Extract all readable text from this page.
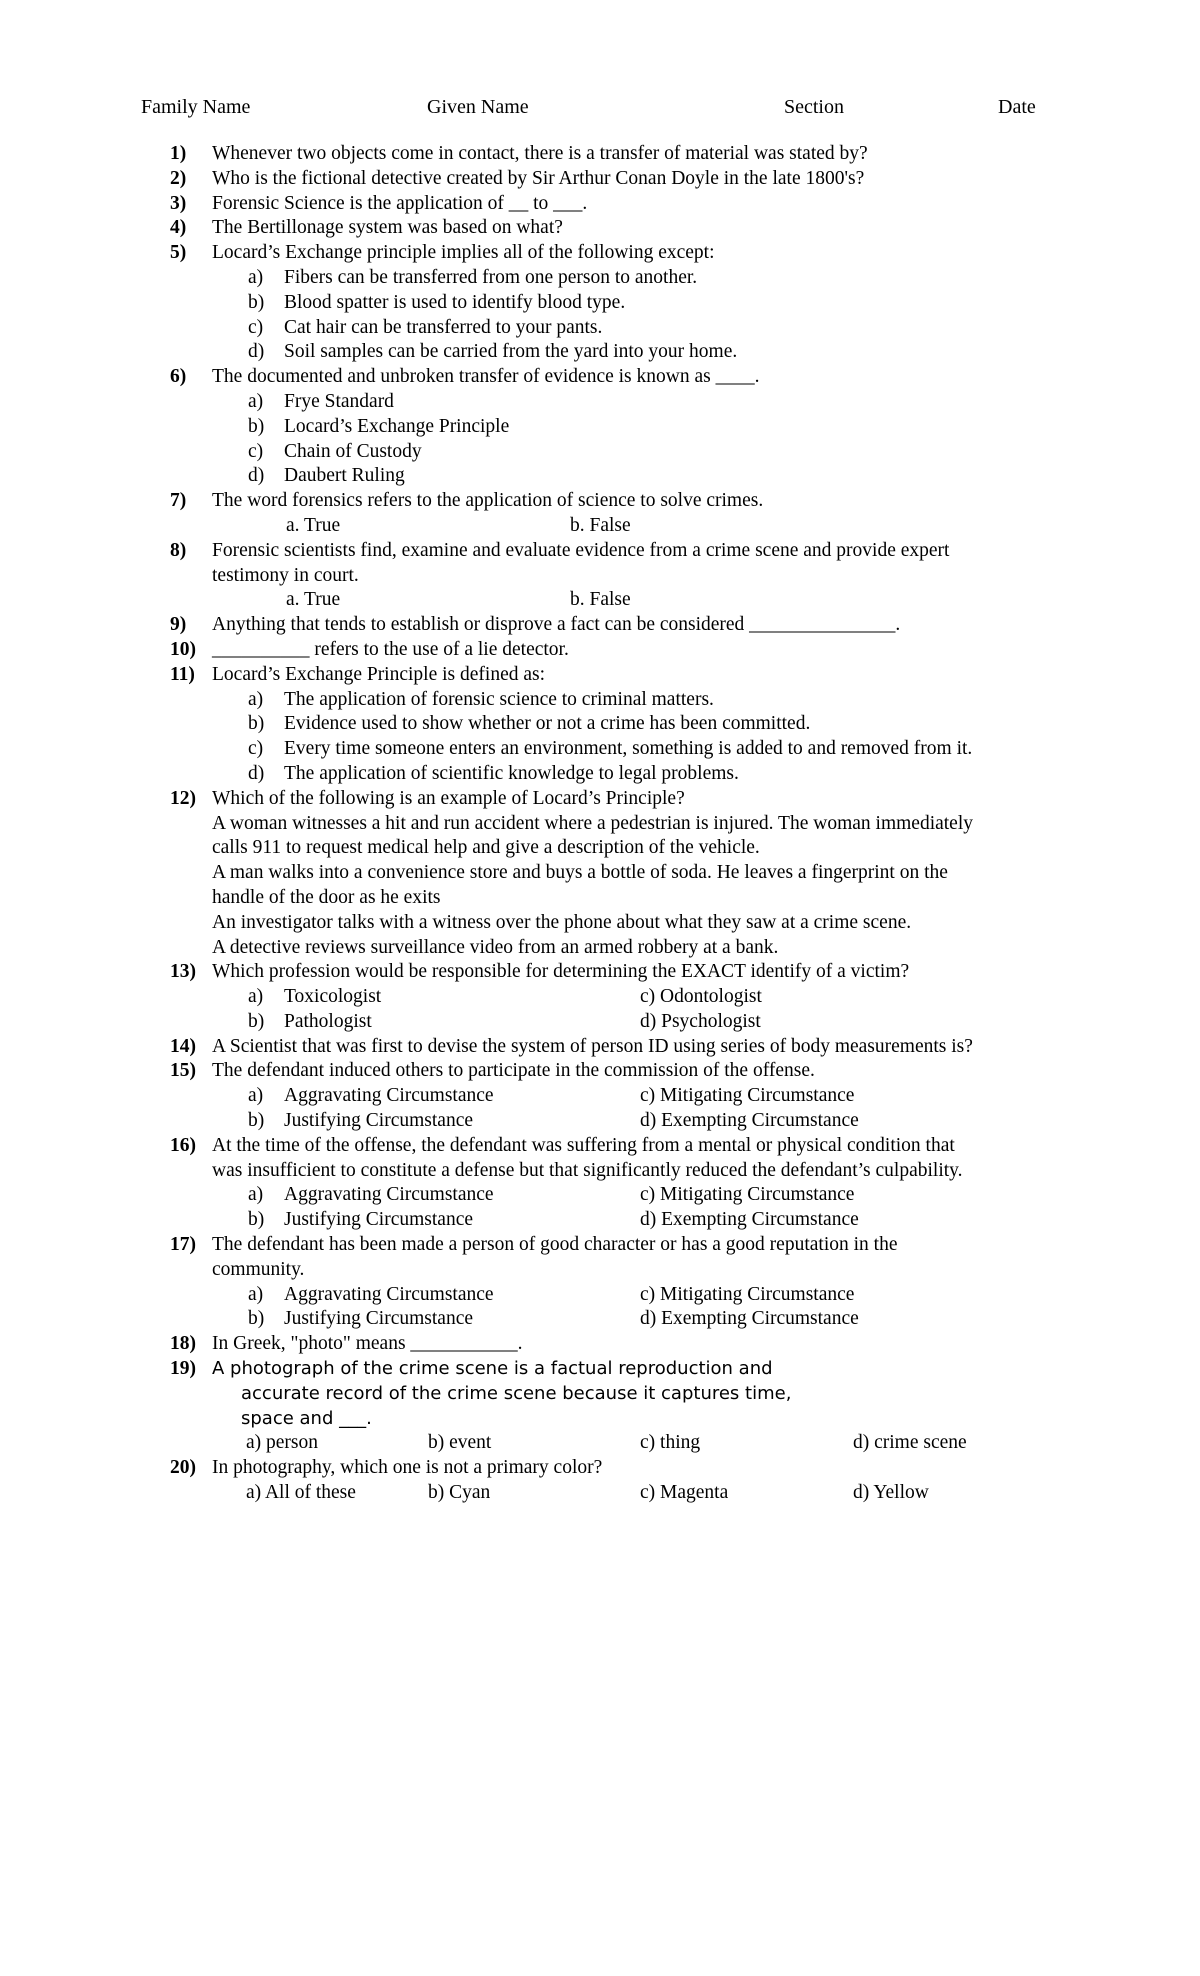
Family Name	Given Name	Section	Date
1)	Whenever two objects come in contact, there is a transfer of material was stated by?
2)	Who is the fictional detective created by Sir Arthur Conan Doyle in the late 1800's?
3)	Forensic Science is the application of __ to ___.
4)	The Bertillonage system was based on what?
5)	Locard’s Exchange principle implies all of the following except:
a) Fibers can be transferred from one person to another.
b) Blood spatter is used to identify blood type.
c) Cat hair can be transferred to your pants.
d) Soil samples can be carried from the yard into your home.
6)	The documented and unbroken transfer of evidence is known as ____.
a) Frye Standard
b) Locard’s Exchange Principle
c) Chain of Custody
d) Daubert Ruling
7)	The word forensics refers to the application of science to solve crimes.
a. True	b. False
8)	Forensic scientists find, examine and evaluate evidence from a crime scene and provide expert
testimony in court.
a. True	b. False
9)	Anything that tends to establish or disprove a fact can be considered _______________.
10) __________ refers to the use of a lie detector.
11) Locard’s Exchange Principle is defined as:
a) The application of forensic science to criminal matters.
b) Evidence used to show whether or not a crime has been committed.
c) Every time someone enters an environment, something is added to and removed from it.
d) The application of scientific knowledge to legal problems.
12) Which of the following is an example of Locard’s Principle?
A woman witnesses a hit and run accident where a pedestrian is injured. The woman immediately
calls 911 to request medical help and give a description of the vehicle.
A man walks into a convenience store and buys a bottle of soda. He leaves a fingerprint on the
handle of the door as he exits
An investigator talks with a witness over the phone about what they saw at a crime scene.
A detective reviews surveillance video from an armed robbery at a bank.
13) Which profession would be responsible for determining the EXACT identify of a victim?
a) Toxicologist	c) Odontologist
b) Pathologist	d) Psychologist
14) A Scientist that was first to devise the system of person ID using series of body measurements is?
15) The defendant induced others to participate in the commission of the offense.
a) Aggravating Circumstance	c) Mitigating Circumstance
b) Justifying Circumstance	d) Exempting Circumstance
16) At the time of the offense, the defendant was suffering from a mental or physical condition that
was insufficient to constitute a defense but that significantly reduced the defendant’s culpability.
a) Aggravating Circumstance	c) Mitigating Circumstance
b) Justifying Circumstance	d) Exempting Circumstance
17) The defendant has been made a person of good character or has a good reputation in the
community.
a) Aggravating Circumstance	c) Mitigating Circumstance
b) Justifying Circumstance	d) Exempting Circumstance
18) In Greek, "photo" means ___________.
19) A photograph of the crime scene is a factual reproduction and
accurate record of the crime scene because it captures time,
space and ___.
a) person	b) event	c) thing	d) crime scene
20) In photography, which one is not a primary color?
a) All of these	b) Cyan	c) Magenta	d) Yellow
